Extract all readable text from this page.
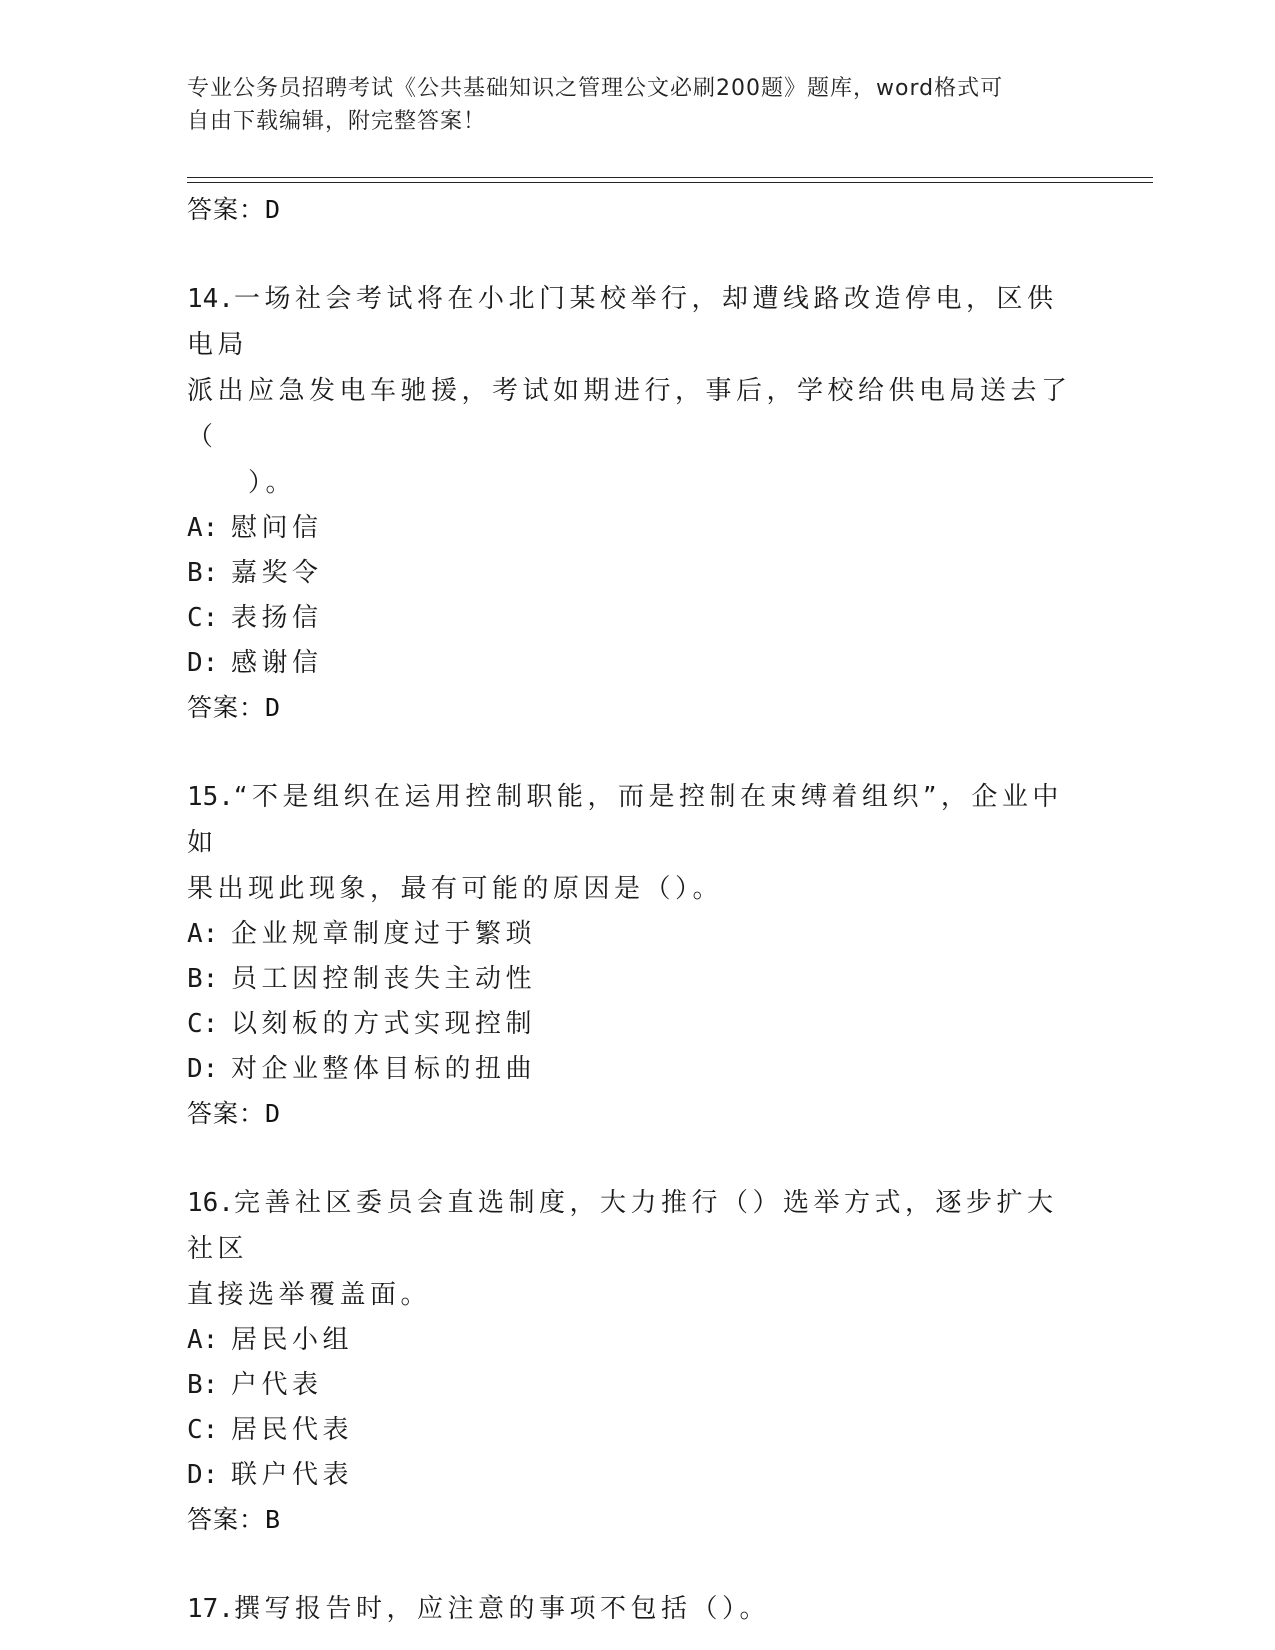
专业公务员招聘考试《公共基础知识之管理公文必刷200题》题库，word格式可
自由下载编辑，附完整答案！
答案：D
14.一场社会考试将在小北门某校举行，却遭线路改造停电，区供电局
派出应急发电车驰援，考试如期进行，事后，学校给供电局送去了（
　　）。
A: 慰问信
B: 嘉奖令
C: 表扬信
D: 感谢信
答案：D
15.“不是组织在运用控制职能，而是控制在束缚着组织”，企业中如
果出现此现象，最有可能的原因是（）。
A: 企业规章制度过于繁琐
B: 员工因控制丧失主动性
C: 以刻板的方式实现控制
D: 对企业整体目标的扭曲
答案：D
16.完善社区委员会直选制度，大力推行（）选举方式，逐步扩大社区
直接选举覆盖面。
A: 居民小组
B: 户代表
C: 居民代表
D: 联户代表
答案：B
17.撰写报告时，应注意的事项不包括（）。
